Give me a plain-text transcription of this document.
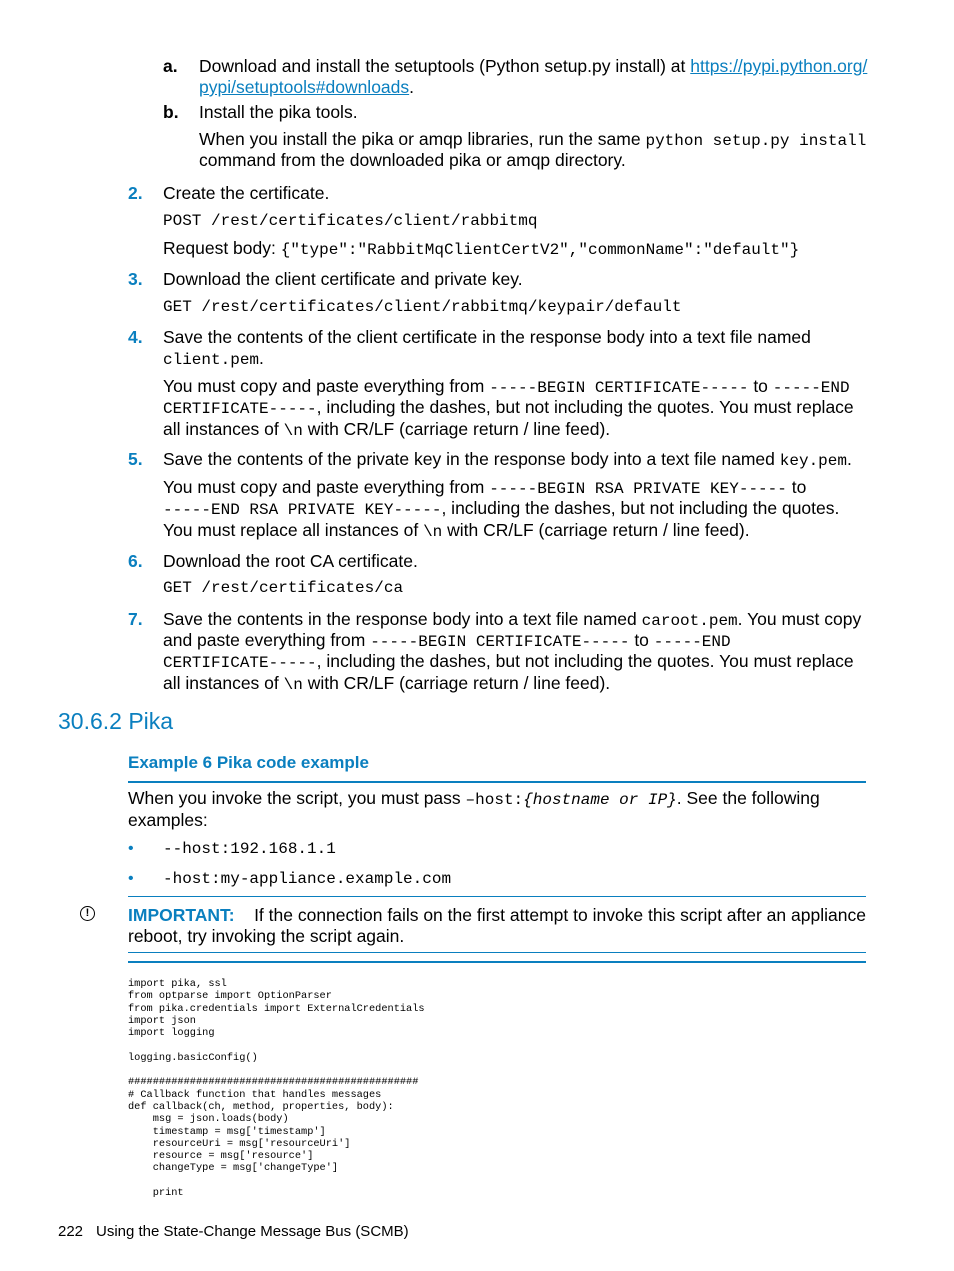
a. Download and install the setuptools (Python setup.py install) at https://pypi.python.org/
pypi/setuptools#downloads.
b. Install the pika tools.
When you install the pika or amqp libraries, run the same python setup.py install
command from the downloaded pika or amqp directory.
2. Create the certificate.
POST /rest/certificates/client/rabbitmq
Request body: {"type":"RabbitMqClientCertV2","commonName":"default"}
3. Download the client certificate and private key.
GET /rest/certificates/client/rabbitmq/keypair/default
4. Save the contents of the client certificate in the response body into a text file named
client.pem.
You must copy and paste everything from -----BEGIN CERTIFICATE----- to -----END
CERTIFICATE-----, including the dashes, but not including the quotes. You must replace
all instances of \n with CR/LF (carriage return / line feed).
5. Save the contents of the private key in the response body into a text file named key.pem.
You must copy and paste everything from -----BEGIN RSA PRIVATE KEY----- to
-----END RSA PRIVATE KEY-----, including the dashes, but not including the quotes.
You must replace all instances of \n with CR/LF (carriage return / line feed).
6. Download the root CA certificate.
GET /rest/certificates/ca
7. Save the contents in the response body into a text file named caroot.pem. You must copy
and paste everything from -----BEGIN CERTIFICATE----- to -----END
CERTIFICATE-----, including the dashes, but not including the quotes. You must replace
all instances of \n with CR/LF (carriage return / line feed).
30.6.2 Pika
Example 6 Pika code example
When you invoke the script, you must pass –host:{hostname or IP}. See the following
examples:
• --host:192.168.1.1
• -host:my-appliance.example.com
!	IMPORTANT: If the connection fails on the first attempt to invoke this script after an appliance
reboot, try invoking the script again.
import pika, ssl
from optparse import OptionParser
from pika.credentials import ExternalCredentials
import json
import logging

logging.basicConfig()

###############################################
# Callback function that handles messages
def callback(ch, method, properties, body):
msg = json.loads(body)
timestamp = msg['timestamp']
resourceUri = msg['resourceUri']
resource = msg['resource']
changeType = msg['changeType']

print
222 Using the State-Change Message Bus (SCMB)
